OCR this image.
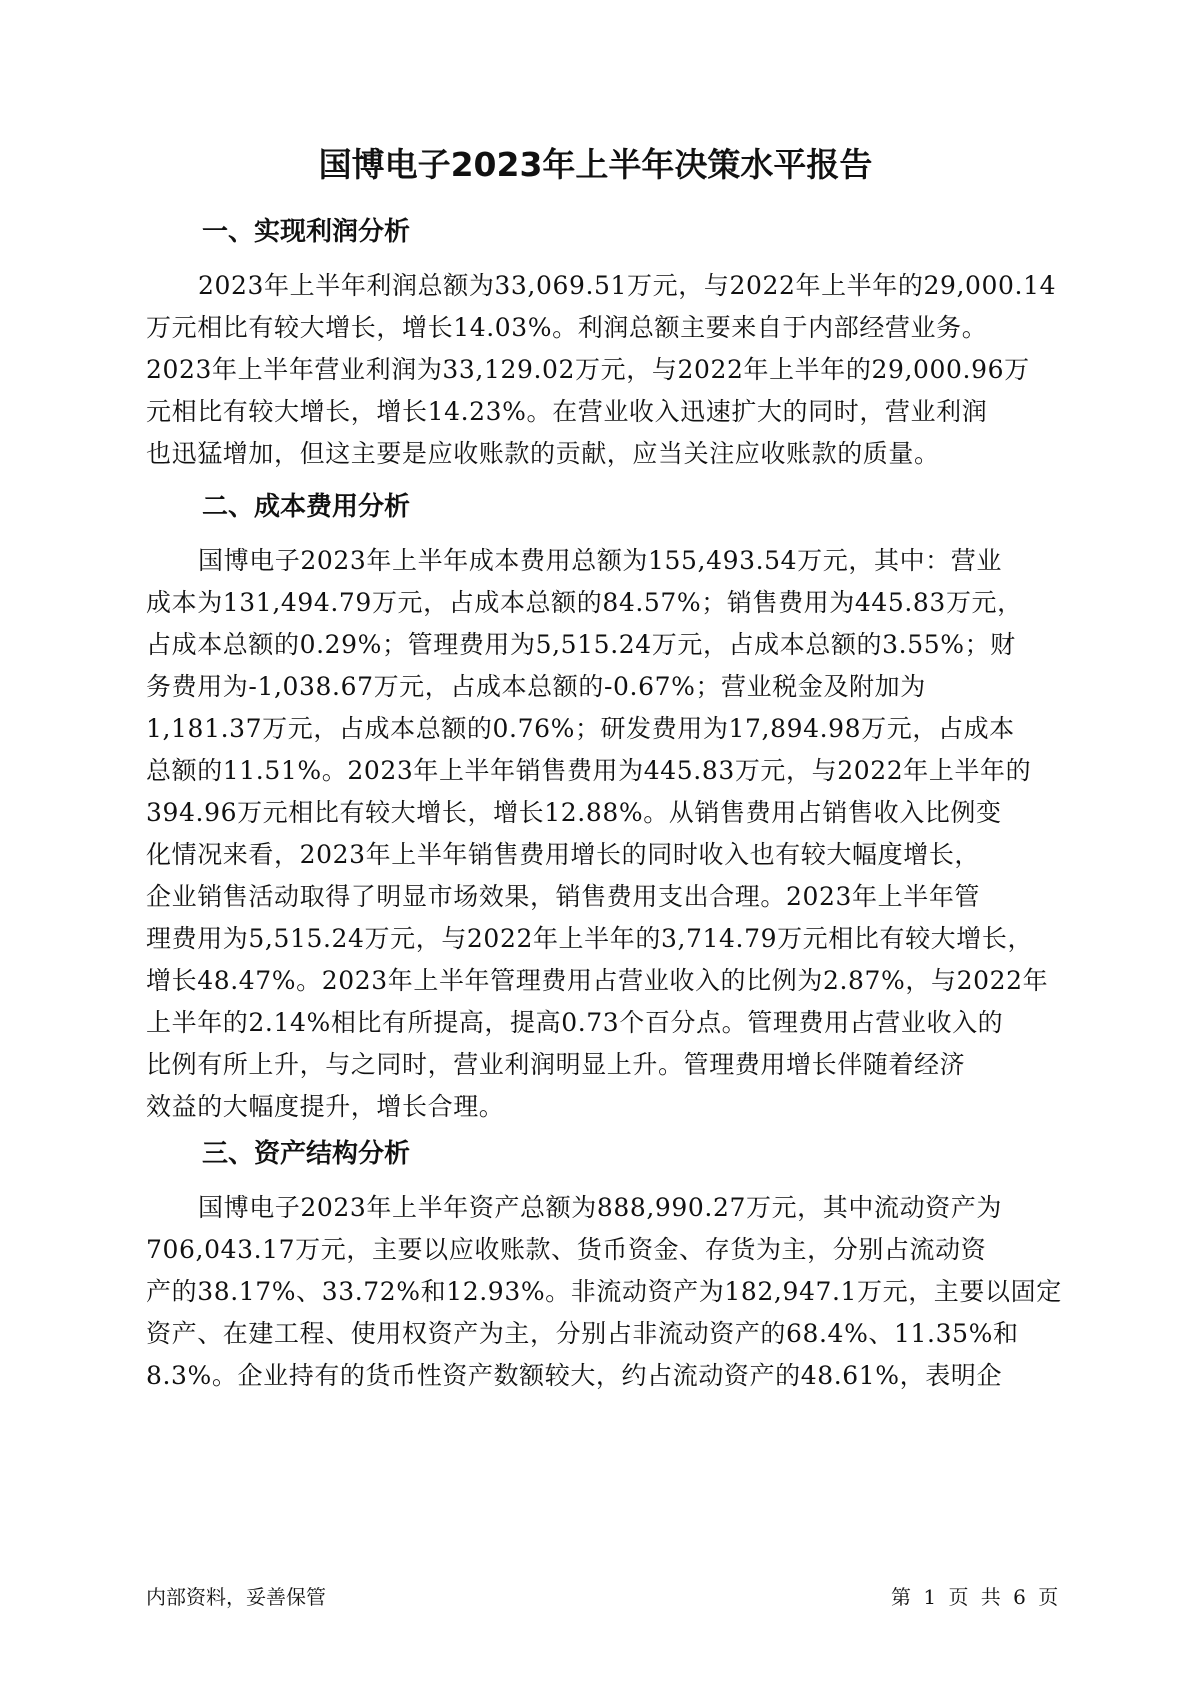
国博电子2023年上半年决策水平报告
一、实现利润分析
2023年上半年利润总额为33,069.51万元，与2022年上半年的29,000.14
万元相比有较大增长，增长14.03%。利润总额主要来自于内部经营业务。
2023年上半年营业利润为33,129.02万元，与2022年上半年的29,000.96万
元相比有较大增长，增长14.23%。在营业收入迅速扩大的同时，营业利润
也迅猛增加，但这主要是应收账款的贡献，应当关注应收账款的质量。
二、成本费用分析
国博电子2023年上半年成本费用总额为155,493.54万元，其中：营业
成本为131,494.79万元，占成本总额的84.57%；销售费用为445.83万元，
占成本总额的0.29%；管理费用为5,515.24万元，占成本总额的3.55%；财
务费用为-1,038.67万元，占成本总额的-0.67%；营业税金及附加为
1,181.37万元，占成本总额的0.76%；研发费用为17,894.98万元，占成本
总额的11.51%。2023年上半年销售费用为445.83万元，与2022年上半年的
394.96万元相比有较大增长，增长12.88%。从销售费用占销售收入比例变
化情况来看，2023年上半年销售费用增长的同时收入也有较大幅度增长，
企业销售活动取得了明显市场效果，销售费用支出合理。2023年上半年管
理费用为5,515.24万元，与2022年上半年的3,714.79万元相比有较大增长，
增长48.47%。2023年上半年管理费用占营业收入的比例为2.87%，与2022年
上半年的2.14%相比有所提高，提高0.73个百分点。管理费用占营业收入的
比例有所上升，与之同时，营业利润明显上升。管理费用增长伴随着经济
效益的大幅度提升，增长合理。
三、资产结构分析
国博电子2023年上半年资产总额为888,990.27万元，其中流动资产为
706,043.17万元，主要以应收账款、货币资金、存货为主，分别占流动资
产的38.17%、33.72%和12.93%。非流动资产为182,947.1万元，主要以固定
资产、在建工程、使用权资产为主，分别占非流动资产的68.4%、11.35%和
8.3%。企业持有的货币性资产数额较大，约占流动资产的48.61%，表明企
内部资料，妥善保管	第 1 页 共 6 页
